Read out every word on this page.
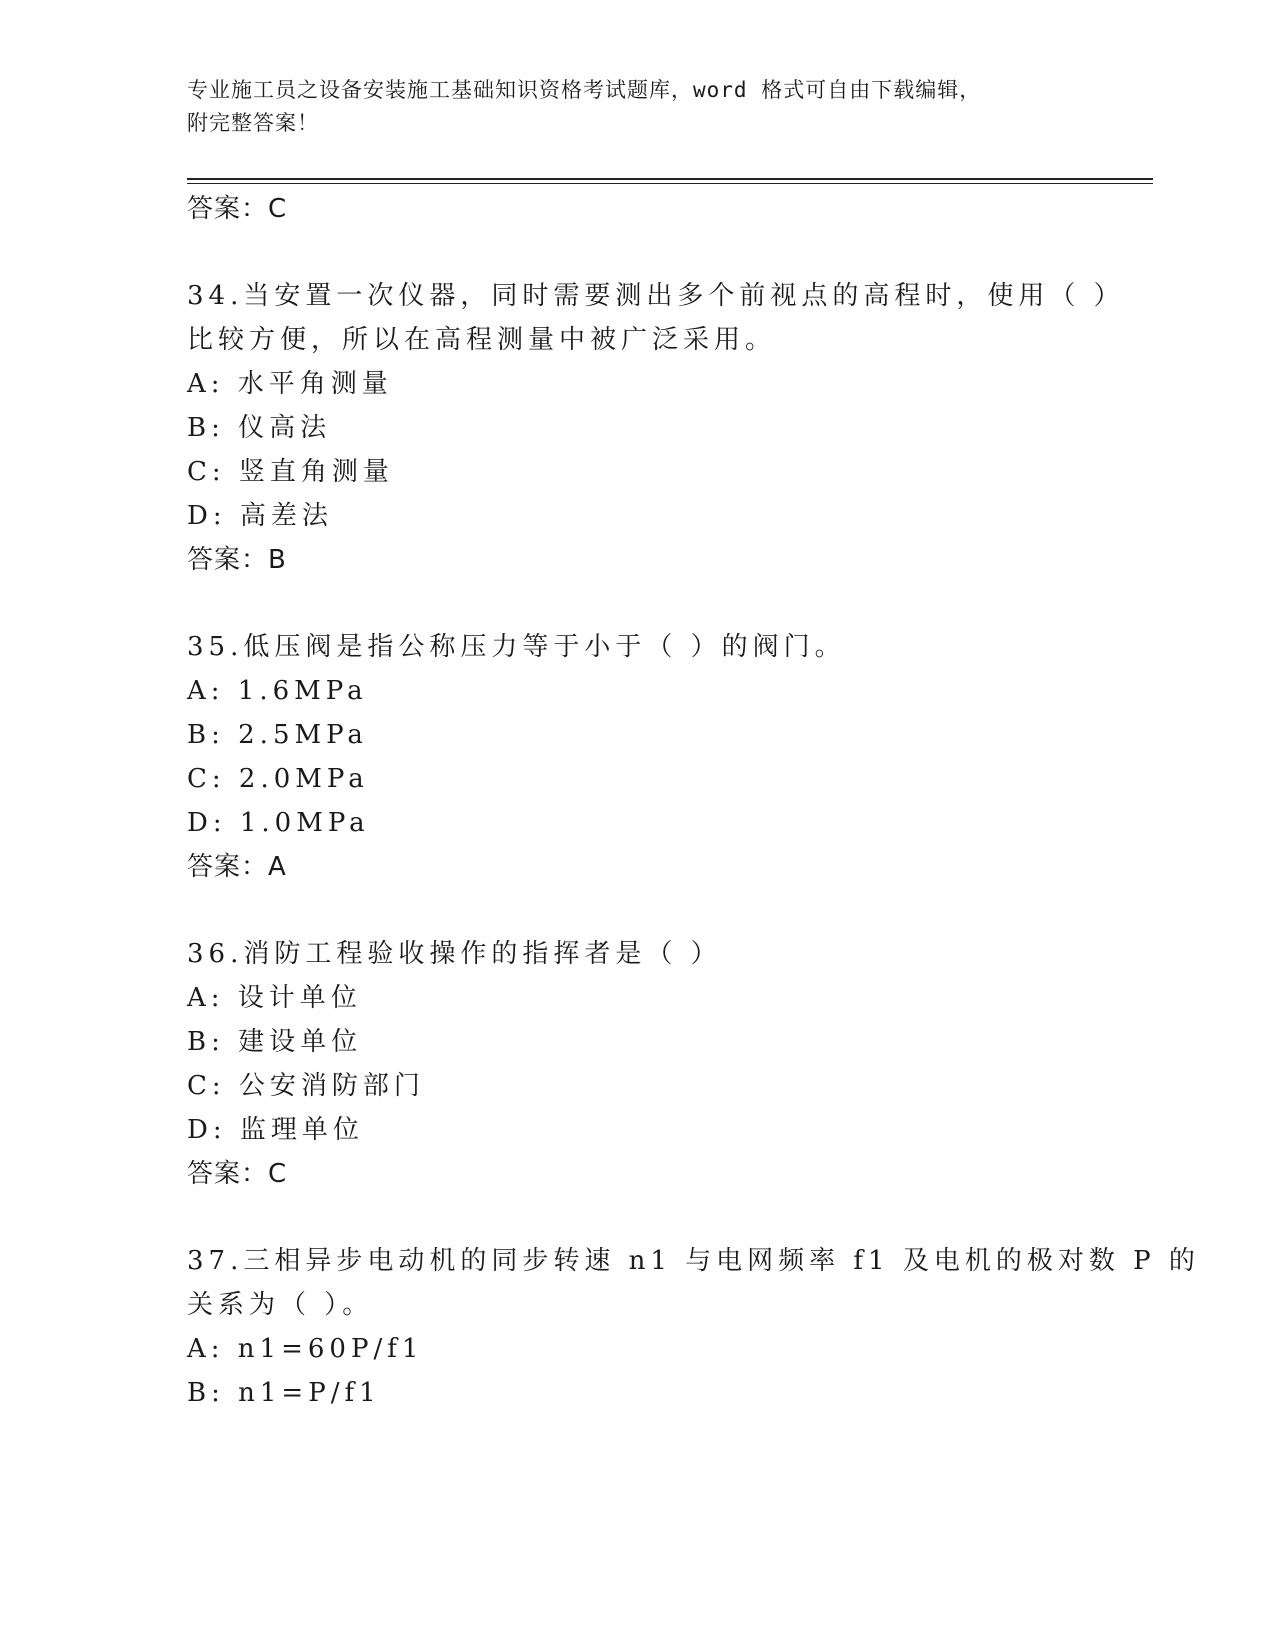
专业施工员之设备安装施工基础知识资格考试题库，word 格式可自由下载编辑，
附完整答案！
答案：C
34.当安置一次仪器，同时需要测出多个前视点的高程时，使用（ ）
比较方便，所以在高程测量中被广泛采用。
A: 水平角测量
B: 仪高法
C: 竖直角测量
D: 高差法
答案：B
35.低压阀是指公称压力等于小于（ ）的阀门。
A: 1.6MPa
B: 2.5MPa
C: 2.0MPa
D: 1.0MPa
答案：A
36.消防工程验收操作的指挥者是（ ）
A: 设计单位
B: 建设单位
C: 公安消防部门
D: 监理单位
答案：C
37.三相异步电动机的同步转速 n1 与电网频率 f1 及电机的极对数 P 的
关系为（ ）。
A: n1=60P/f1
B: n1=P/f1
